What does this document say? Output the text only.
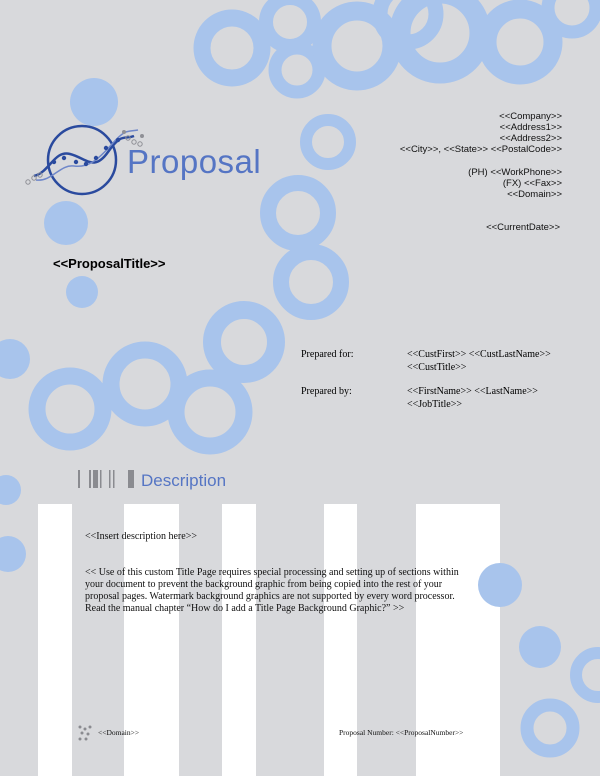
Proposal
<<Company>>
<<Address1>>
<<Address2>>
<<City>>, <<State>> <<PostalCode>>
(PH) <<WorkPhone>>
(FX) <<Fax>>
<<Domain>>
<<CurrentDate>>
<<ProposalTitle>>
Prepared for:	<<CustFirst>> <<CustLastName>>
<<CustTitle>>
Prepared by:	<<FirstName>> <<LastName>>
<<JobTitle>>
Description
<<Insert description here>>
<< Use of this custom Title Page requires special processing and setting up of sections within your document to prevent the background graphic from being copied into the rest of your proposal pages. Watermark background graphics are not supported by every word processor. Read the manual chapter “How do I add a Title Page Background Graphic?” >>
<<Domain>>	Proposal Number: <<ProposalNumber>>
